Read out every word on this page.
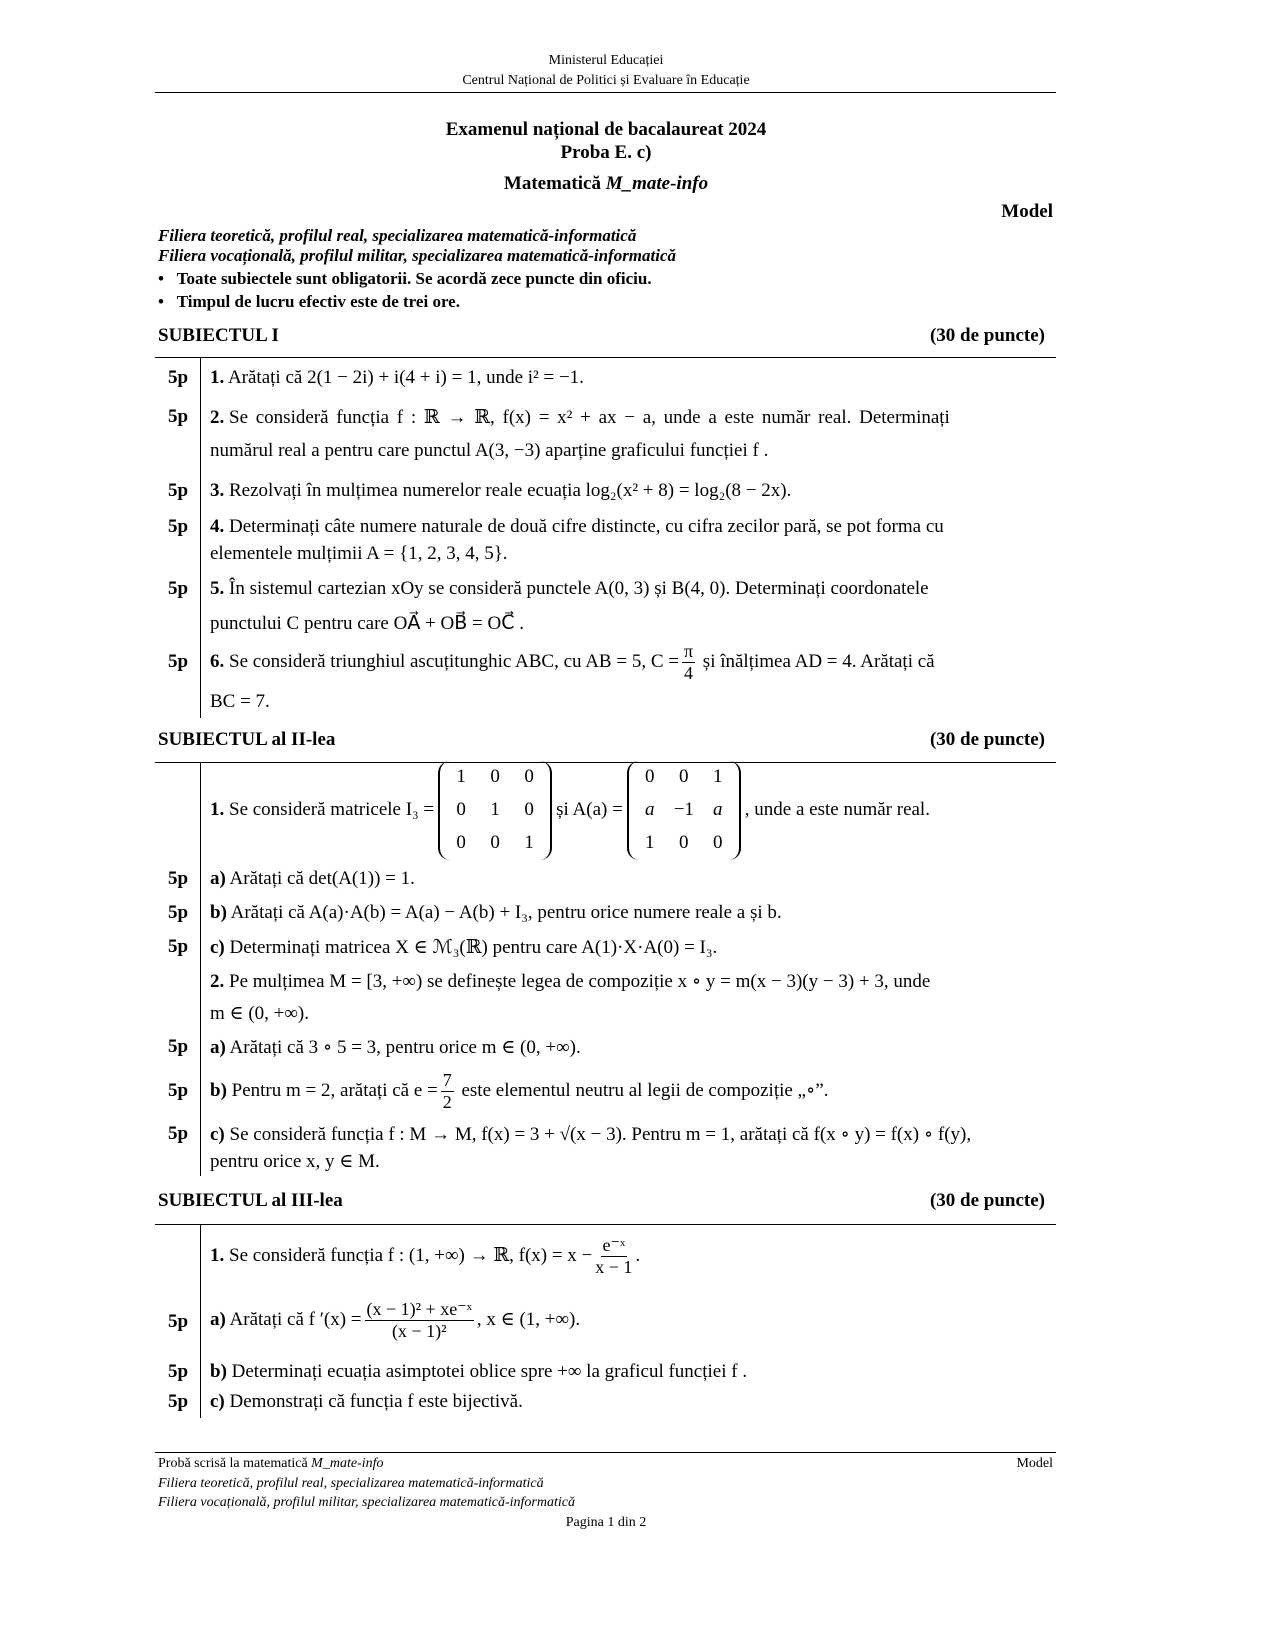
Ministerul Educației
Centrul Național de Politici și Evaluare în Educație
Examenul național de bacalaureat 2024
Proba E. c)
Matematică M_mate-info
Model
Filiera teoretică, profilul real, specializarea matematică-informatică
Filiera vocațională, profilul militar, specializarea matematică-informatică
•   Toate subiectele sunt obligatorii. Se acordă zece puncte din oficiu.
•   Timpul de lucru efectiv este de trei ore.
SUBIECTUL I	(30 de puncte)
5p 1. Arătați că 2(1 − 2i) + i(4 + i) = 1, unde i² = −1.
5p 2. Se consideră funcția f : ℝ → ℝ, f(x) = x² + ax − a, unde a este număr real. Determinați
numărul real a pentru care punctul A(3, −3) aparține graficului funcției f .
5p 3. Rezolvați în mulțimea numerelor reale ecuația log₂(x² + 8) = log₂(8 − 2x).
5p 4. Determinați câte numere naturale de două cifre distincte, cu cifra zecilor pară, se pot forma cu
elementele mulțimii A = {1, 2, 3, 4, 5}.
5p 5. În sistemul cartezian xOy se consideră punctele A(0, 3) și B(4, 0). Determinați coordonatele
punctului C pentru care OA⃗ + OB⃗ = OC⃗ .
5p 6. Se consideră triunghiul ascuțitunghic ABC, cu AB = 5, $C = \frac{\pi}{4}$ și înălțimea AD = 4. Arătați că
BC = 7.
SUBIECTUL al II-lea	(30 de puncte)
1.
Se consideră matricele I₃ =
1	0	0
0	1	0
0	0	1
și A(a) =
0	0	1
a	−1	a
1	0	0
, unde a este număr real.
5p a) Arătați că det(A(1)) = 1.
5p b) Arătați că A(a)·A(b) = A(a) − A(b) + I₃, pentru orice numere reale a și b.
5p c) Determinați matricea X ∈ ℳ₃(ℝ) pentru care A(1)·X·A(0) = I₃.
2. Pe mulțimea M = [3, +∞) se definește legea de compoziție x ∘ y = m(x − 3)(y − 3) + 3, unde
m ∈ (0, +∞).
5p a) Arătați că 3 ∘ 5 = 3, pentru orice m ∈ (0, +∞).
5p b) Pentru m = 2, arătați că $e = \frac{7}{2}$ este elementul neutru al legii de compoziție „∘”.
5p c) Se consideră funcția f : M → M, f(x) = 3 + √(x − 3). Pentru m = 1, arătați că f(x ∘ y) = f(x) ∘ f(y),
pentru orice x, y ∈ M.
SUBIECTUL al III-lea	(30 de puncte)
1. Se consideră funcția f : (1, +∞) → ℝ, $f(x) = x - \frac{\text{e⁻ˣ}}{x - 1}$ .
5p a) Arătați că f $'(x) = \frac{\text{(x − 1)² + xe⁻ˣ}}{\text{(x − 1)²}}$ , x ∈ (1, +∞).
5p b) Determinați ecuația asimptotei oblice spre +∞ la graficul funcției f .
5p c) Demonstrați că funcția f este bijectivă.
Probă scrisă la matematică M_mate-info	Model
Filiera teoretică, profilul real, specializarea matematică-informatică
Filiera vocațională, profilul militar, specializarea matematică-informatică
Pagina 1 din 2
